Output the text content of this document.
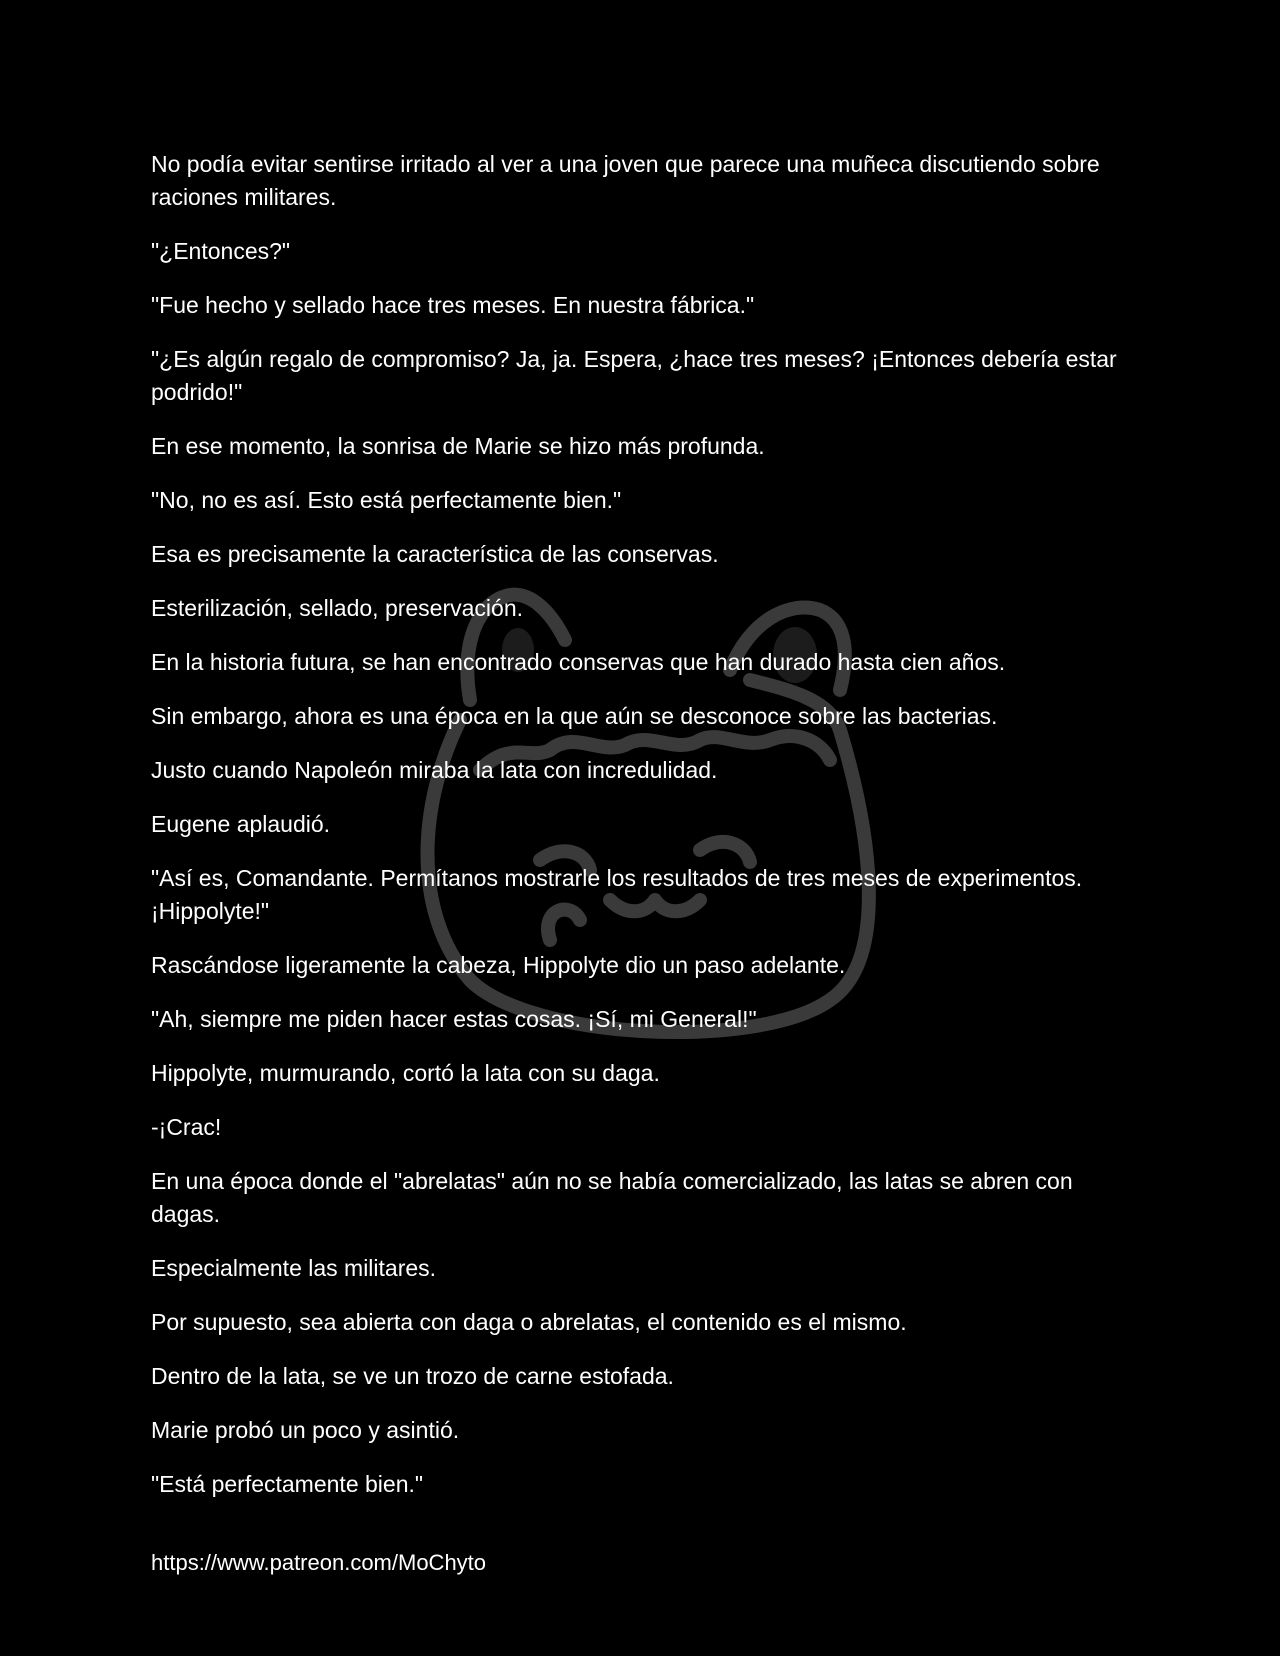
No podía evitar sentirse irritado al ver a una joven que parece una muñeca discutiendo sobre raciones militares.

"¿Entonces?"

"Fue hecho y sellado hace tres meses. En nuestra fábrica."

"¿Es algún regalo de compromiso? Ja, ja. Espera, ¿hace tres meses? ¡Entonces debería estar podrido!"

En ese momento, la sonrisa de Marie se hizo más profunda.

"No, no es así. Esto está perfectamente bien."

Esa es precisamente la característica de las conservas.

Esterilización, sellado, preservación.

En la historia futura, se han encontrado conservas que han durado hasta cien años.

Sin embargo, ahora es una época en la que aún se desconoce sobre las bacterias.

Justo cuando Napoleón miraba la lata con incredulidad.

Eugene aplaudió.

"Así es, Comandante. Permítanos mostrarle los resultados de tres meses de experimentos. ¡Hippolyte!"

Rascándose ligeramente la cabeza, Hippolyte dio un paso adelante.

"Ah, siempre me piden hacer estas cosas. ¡Sí, mi General!"

Hippolyte, murmurando, cortó la lata con su daga.

-¡Crac!

En una época donde el "abrelatas" aún no se había comercializado, las latas se abren con dagas.

Especialmente las militares.

Por supuesto, sea abierta con daga o abrelatas, el contenido es el mismo.

Dentro de la lata, se ve un trozo de carne estofada.

Marie probó un poco y asintió.

"Está perfectamente bien."

https://www.patreon.com/MoChyto
